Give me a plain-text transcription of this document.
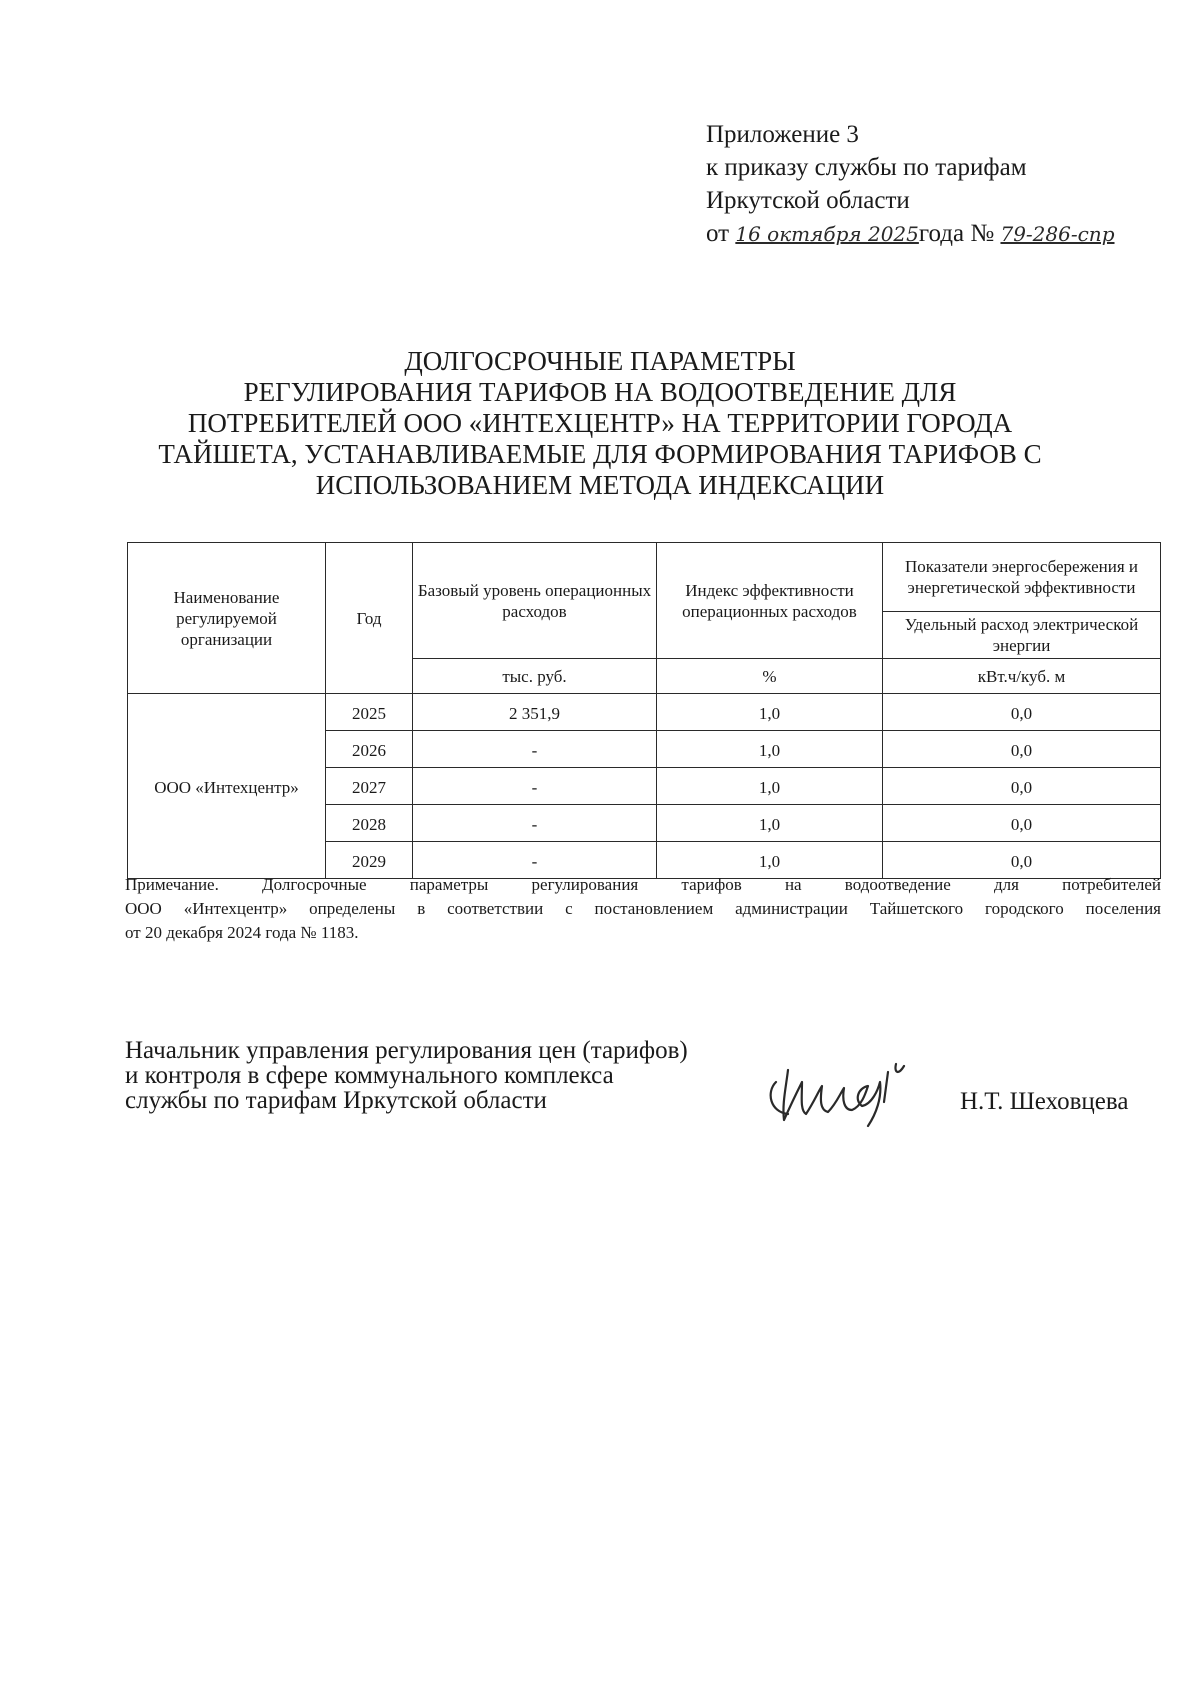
Приложение 3
к приказу службы по тарифам
Иркутской области
от 16 октября 2025года № 79-286-спр
ДОЛГОСРОЧНЫЕ ПАРАМЕТРЫ
РЕГУЛИРОВАНИЯ ТАРИФОВ НА ВОДООТВЕДЕНИЕ ДЛЯ
ПОТРЕБИТЕЛЕЙ ООО «ИНТЕХЦЕНТР» НА ТЕРРИТОРИИ ГОРОДА
ТАЙШЕТА, УСТАНАВЛИВАЕМЫЕ ДЛЯ ФОРМИРОВАНИЯ ТАРИФОВ С
ИСПОЛЬЗОВАНИЕМ МЕТОДА ИНДЕКСАЦИИ
Наименование регулируемой организации	Год	Базовый уровень операционных расходов	Индекс эффективности операционных расходов	Показатели энергосбережения и энергетической эффективности
				Удельный расход электрической энергии
		тыс. руб.	%	кВт.ч/куб. м
ООО «Интехцентр»	2025	2 351,9	1,0	0,0
	2026	-	1,0	0,0
	2027	-	1,0	0,0
	2028	-	1,0	0,0
	2029	-	1,0	0,0
Примечание. Долгосрочные параметры регулирования тарифов на водоотведение для потребителей
ООО «Интехцентр» определены в соответствии с постановлением администрации Тайшетского городского поселения
от 20 декабря 2024 года № 1183.
Начальник управления регулирования цен (тарифов)
и контроля в сфере коммунального комплекса
службы по тарифам Иркутской области	Н.Т. Шеховцева
